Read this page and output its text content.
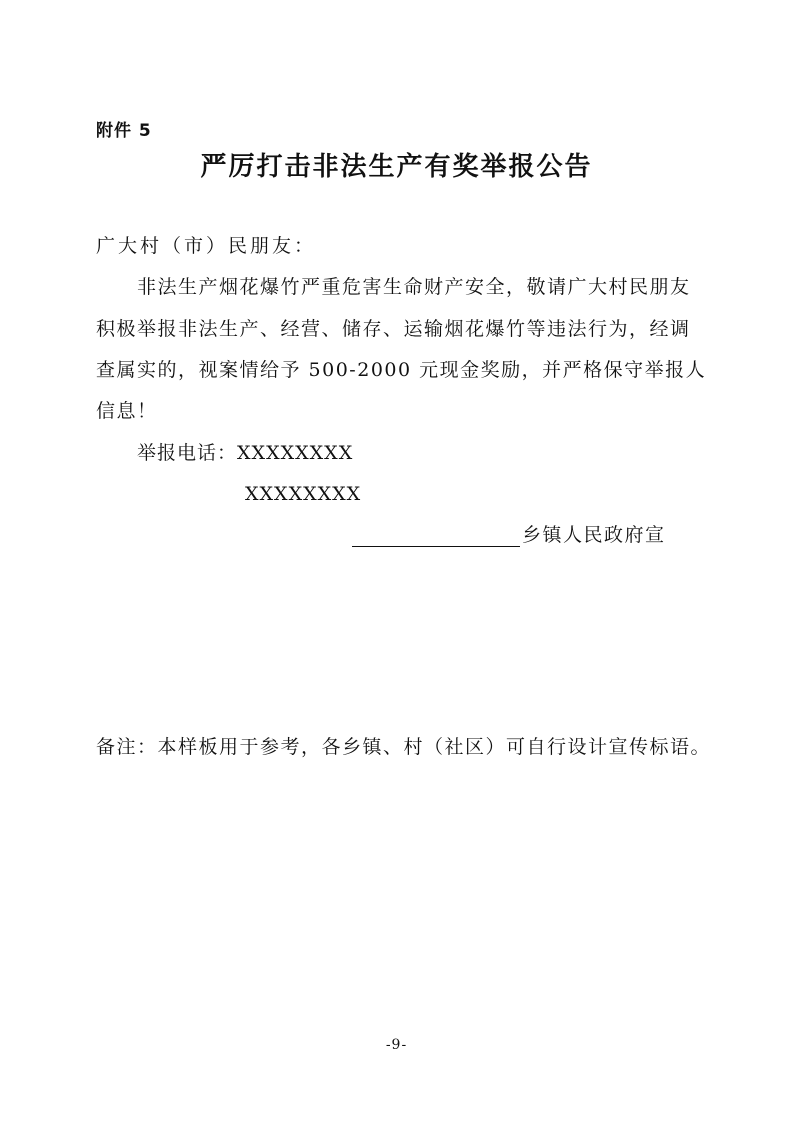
附件 5
严厉打击非法生产有奖举报公告
广大村（市）民朋友：
非法生产烟花爆竹严重危害生命财产安全，敬请广大村民朋友
积极举报非法生产、经营、储存、运输烟花爆竹等违法行为，经调
查属实的，视案情给予 500-2000 元现金奖励，并严格保守举报人
信息！
举报电话：XXXXXXXX
XXXXXXXX
乡镇人民政府宣
备注：本样板用于参考，各乡镇、村（社区）可自行设计宣传标语。
-9-
